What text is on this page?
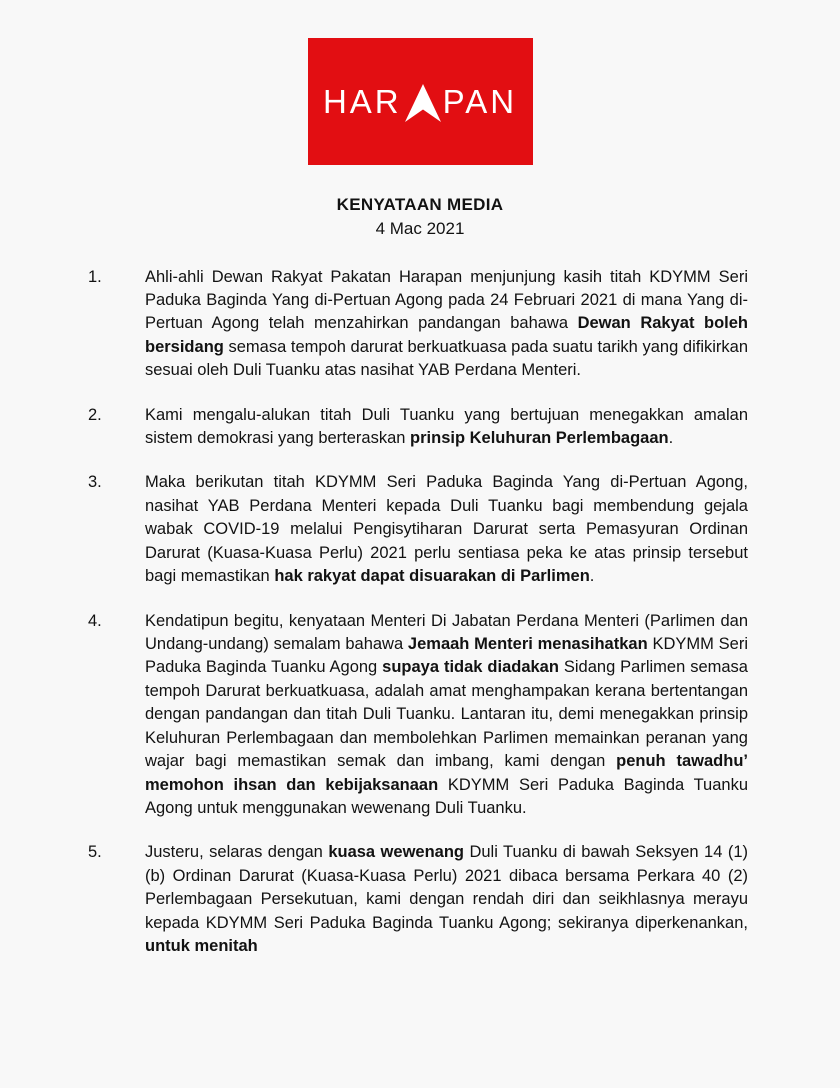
HAR PAN
KENYATAAN MEDIA
4 Mac 2021
1.	Ahli-ahli Dewan Rakyat Pakatan Harapan menjunjung kasih titah KDYMM Seri Paduka Baginda Yang di-Pertuan Agong pada 24 Februari 2021 di mana Yang di-Pertuan Agong telah menzahirkan pandangan bahawa Dewan Rakyat boleh bersidang semasa tempoh darurat berkuatkuasa pada suatu tarikh yang difikirkan sesuai oleh Duli Tuanku atas nasihat YAB Perdana Menteri.
2.	Kami mengalu-alukan titah Duli Tuanku yang bertujuan menegakkan amalan sistem demokrasi yang berteraskan prinsip Keluhuran Perlembagaan.
3.	Maka berikutan titah KDYMM Seri Paduka Baginda Yang di-Pertuan Agong, nasihat YAB Perdana Menteri kepada Duli Tuanku bagi membendung gejala wabak COVID-19 melalui Pengisytiharan Darurat serta Pemasyuran Ordinan Darurat (Kuasa-Kuasa Perlu) 2021 perlu sentiasa peka ke atas prinsip tersebut bagi memastikan hak rakyat dapat disuarakan di Parlimen.
4.	Kendatipun begitu, kenyataan Menteri Di Jabatan Perdana Menteri (Parlimen dan Undang-undang) semalam bahawa Jemaah Menteri menasihatkan KDYMM Seri Paduka Baginda Tuanku Agong supaya tidak diadakan Sidang Parlimen semasa tempoh Darurat berkuatkuasa, adalah amat menghampakan kerana bertentangan dengan pandangan dan titah Duli Tuanku. Lantaran itu, demi menegakkan prinsip Keluhuran Perlembagaan dan membolehkan Parlimen memainkan peranan yang wajar bagi memastikan semak dan imbang, kami dengan penuh tawadhu’ memohon ihsan dan kebijaksanaan KDYMM Seri Paduka Baginda Tuanku Agong untuk menggunakan wewenang Duli Tuanku.
5.	Justeru, selaras dengan kuasa wewenang Duli Tuanku di bawah Seksyen 14 (1)(b) Ordinan Darurat (Kuasa-Kuasa Perlu) 2021 dibaca bersama Perkara 40 (2) Perlembagaan Persekutuan, kami dengan rendah diri dan seikhlasnya merayu kepada KDYMM Seri Paduka Baginda Tuanku Agong; sekiranya diperkenankan, untuk menitah
